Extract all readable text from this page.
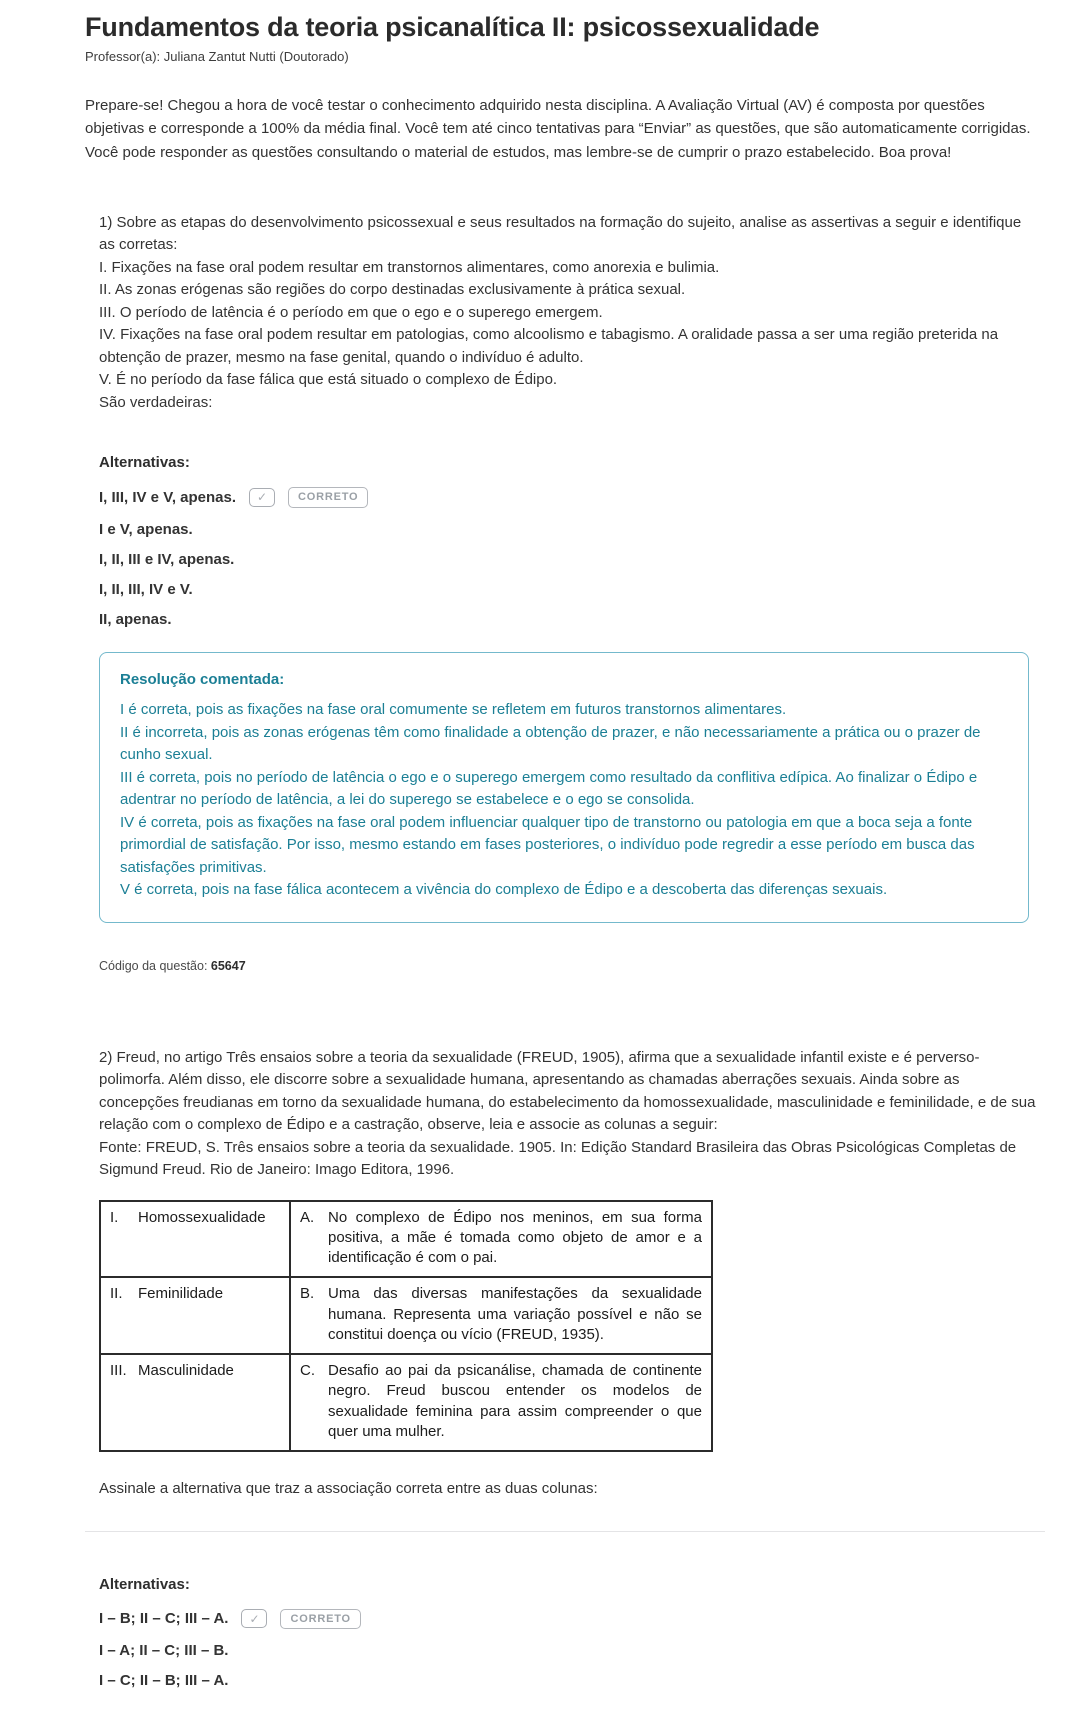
Fundamentos da teoria psicanalítica II: psicossexualidade
Professor(a): Juliana Zantut Nutti (Doutorado)

Prepare-se! Chegou a hora de você testar o conhecimento adquirido nesta disciplina. A Avaliação Virtual (AV) é composta por questões objetivas e corresponde a 100% da média final. Você tem até cinco tentativas para “Enviar” as questões, que são automaticamente corrigidas. Você pode responder as questões consultando o material de estudos, mas lembre-se de cumprir o prazo estabelecido. Boa prova!

1) Sobre as etapas do desenvolvimento psicossexual e seus resultados na formação do sujeito, analise as assertivas a seguir e identifique as corretas:

I. Fixações na fase oral podem resultar em transtornos alimentares, como anorexia e bulimia.

II. As zonas erógenas são regiões do corpo destinadas exclusivamente à prática sexual.

III. O período de latência é o período em que o ego e o superego emergem.

IV. Fixações na fase oral podem resultar em patologias, como alcoolismo e tabagismo. A oralidade passa a ser uma região preterida na obtenção de prazer, mesmo na fase genital, quando o indivíduo é adulto.

V. É no período da fase fálica que está situado o complexo de Édipo.

São verdadeiras:

Alternativas:
I, III, IV e V, apenas. ✓	CORRETO
I e V, apenas.
I, II, III e IV, apenas.
I, II, III, IV e V.
II, apenas.

Resolução comentada:

I é correta, pois as fixações na fase oral comumente se refletem em futuros transtornos alimentares.

II é incorreta, pois as zonas erógenas têm como finalidade a obtenção de prazer, e não necessariamente a prática ou o prazer de cunho sexual.

III é correta, pois no período de latência o ego e o superego emergem como resultado da conflitiva edípica. Ao finalizar o Édipo e adentrar no período de latência, a lei do superego se estabelece e o ego se consolida.

IV é correta, pois as fixações na fase oral podem influenciar qualquer tipo de transtorno ou patologia em que a boca seja a fonte primordial de satisfação. Por isso, mesmo estando em fases posteriores, o indivíduo pode regredir a esse período em busca das satisfações primitivas.

V é correta, pois na fase fálica acontecem a vivência do complexo de Édipo e a descoberta das diferenças sexuais.

Código da questão: 65647

2) Freud, no artigo Três ensaios sobre a teoria da sexualidade (FREUD, 1905), afirma que a sexualidade infantil existe e é perverso-polimorfa. Além disso, ele discorre sobre a sexualidade humana, apresentando as chamadas aberrações sexuais. Ainda sobre as concepções freudianas em torno da sexualidade humana, do estabelecimento da homossexualidade, masculinidade e feminilidade, e de sua relação com o complexo de Édipo e a castração, observe, leia e associe as colunas a seguir:

Fonte: FREUD, S. Três ensaios sobre a teoria da sexualidade. 1905. In: Edição Standard Brasileira das Obras Psicológicas Completas de Sigmund Freud. Rio de Janeiro: Imago Editora, 1996.

I. Homossexualidade	A. No complexo de Édipo nos meninos, em sua forma positiva, a mãe é tomada como objeto de amor e a identificação é com o pai.

II. Feminilidade	B. Uma das diversas manifestações da sexualidade humana. Representa uma variação possível e não se constitui doença ou vício (FREUD, 1935).

III. Masculinidade	C. Desafio ao pai da psicanálise, chamada de continente negro. Freud buscou entender os modelos de sexualidade feminina para assim compreender o que quer uma mulher.

Assinale a alternativa que traz a associação correta entre as duas colunas:

Alternativas:
I – B; II – C; III – A. ✓	CORRETO
I – A; II – C; III – B.
I – C; II – B; III – A.
